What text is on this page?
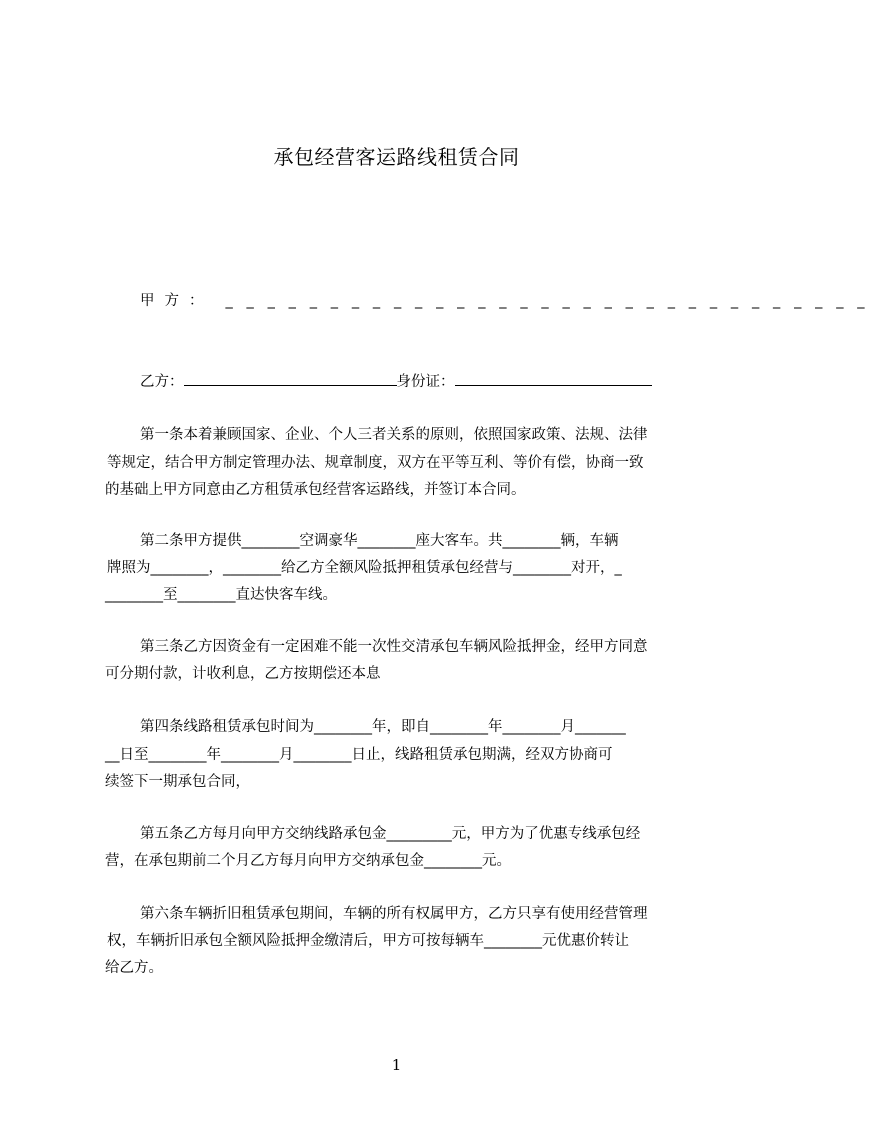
承包经营客运路线租赁合同
甲方： _ _ _ _ _ _ _ _ _ _ _ _ _ _ _ _ _ _ _ _ _ _ _ _ _ _ _ _ _ _ _
乙方：	身份证：
第一条本着兼顾国家、企业、个人三者关系的原则，依照国家政策、法规、法律
等规定，结合甲方制定管理办法、规章制度，双方在平等互利、等价有偿，协商一致
的基础上甲方同意由乙方租赁承包经营客运路线，并签订本合同。
第二条甲方提供________空调豪华________座大客车。共________辆，车辆
牌照为________，________给乙方全额风险抵押租赁承包经营与________对开，_
________至________直达快客车线。
第三条乙方因资金有一定困难不能一次性交清承包车辆风险抵押金，经甲方同意
可分期付款，计收利息，乙方按期偿还本息
第四条线路租赁承包时间为________年，即自________年________月_______
__日至________年________月________日止，线路租赁承包期满，经双方协商可
续签下一期承包合同，
第五条乙方每月向甲方交纳线路承包金_________元，甲方为了优惠专线承包经
营，在承包期前二个月乙方每月向甲方交纳承包金________元。
第六条车辆折旧租赁承包期间，车辆的所有权属甲方，乙方只享有使用经营管理
权，车辆折旧承包全额风险抵押金缴清后，甲方可按每辆车________元优惠价转让
给乙方。
1
